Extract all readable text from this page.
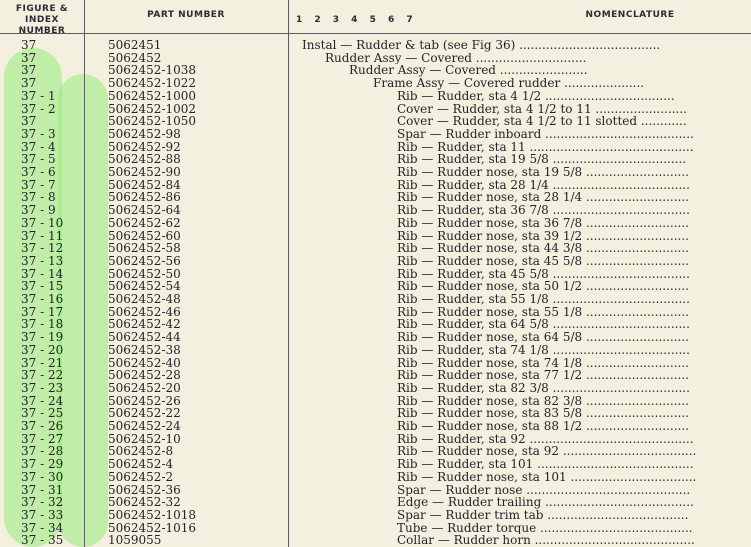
FIGURE &
INDEX NUMBER
PART NUMBER	1 2 3 4 5 6 7	NOMENCLATURE
37	5062451	Instal — Rudder & tab (see Fig 36) .....................................
37	5062452	Rudder Assy — Covered .............................
37	5062452-1038	Rudder Assy — Covered .......................
37	5062452-1022	Frame Assy — Covered rudder .....................
37 - 1	5062452-1000	Rib — Rudder, sta 4 1/2 ..................................
37 - 2	5062452-1002	Cover — Rudder, sta 4 1/2 to 11 ........................
37	5062452-1050	Cover — Rudder, sta 4 1/2 to 11 slotted ............
37 - 3	5062452-98	Spar — Rudder inboard .......................................
37 - 4	5062452-92	Rib — Rudder, sta 11 ...........................................
37 - 5	5062452-88	Rib — Rudder, sta 19 5/8 ...................................
37 - 6	5062452-90	Rib — Rudder nose, sta 19 5/8 ...........................
37 - 7	5062452-84	Rib — Rudder, sta 28 1/4 ....................................
37 - 8	5062452-86	Rib — Rudder nose, sta 28 1/4 ...........................
37 - 9	5062452-64	Rib — Rudder, sta 36 7/8 ....................................
37 - 10	5062452-62	Rib — Rudder nose, sta 36 7/8 ...........................
37 - 11	5062452-60	Rib — Rudder nose, sta 39 1/2 ...........................
37 - 12	5062452-58	Rib — Rudder nose, sta 44 3/8 ...........................
37 - 13	5062452-56	Rib — Rudder nose, sta 45 5/8 ...........................
37 - 14	5062452-50	Rib — Rudder, sta 45 5/8 ....................................
37 - 15	5062452-54	Rib — Rudder nose, sta 50 1/2 ...........................
37 - 16	5062452-48	Rib — Rudder, sta 55 1/8 ....................................
37 - 17	5062452-46	Rib — Rudder nose, sta 55 1/8 ...........................
37 - 18	5062452-42	Rib — Rudder, sta 64 5/8 ....................................
37 - 19	5062452-44	Rib — Rudder nose, sta 64 5/8 ...........................
37 - 20	5062452-38	Rib — Rudder, sta 74 1/8 ....................................
37 - 21	5062452-40	Rib — Rudder nose, sta 74 1/8 ...........................
37 - 22	5062452-28	Rib — Rudder nose, sta 77 1/2 ...........................
37 - 23	5062452-20	Rib — Rudder, sta 82 3/8 ....................................
37 - 24	5062452-26	Rib — Rudder nose, sta 82 3/8 ...........................
37 - 25	5062452-22	Rib — Rudder nose, sta 83 5/8 ...........................
37 - 26	5062452-24	Rib — Rudder nose, sta 88 1/2 ...........................
37 - 27	5062452-10	Rib — Rudder, sta 92 ...........................................
37 - 28	5062452-8	Rib — Rudder nose, sta 92 ...................................
37 - 29	5062452-4	Rib — Rudder, sta 101 .........................................
37 - 30	5062452-2	Rib — Rudder nose, sta 101 .................................
37 - 31	5062452-36	Spar — Rudder nose ...........................................
37 - 32	5062452-32	Edge — Rudder trailing .......................................
37 - 33	5062452-1018	Spar — Rudder trim tab .....................................
37 - 34	5062452-1016	Tube — Rudder torque ........................................
37 - 35	1059055	Collar — Rudder horn ..........................................
